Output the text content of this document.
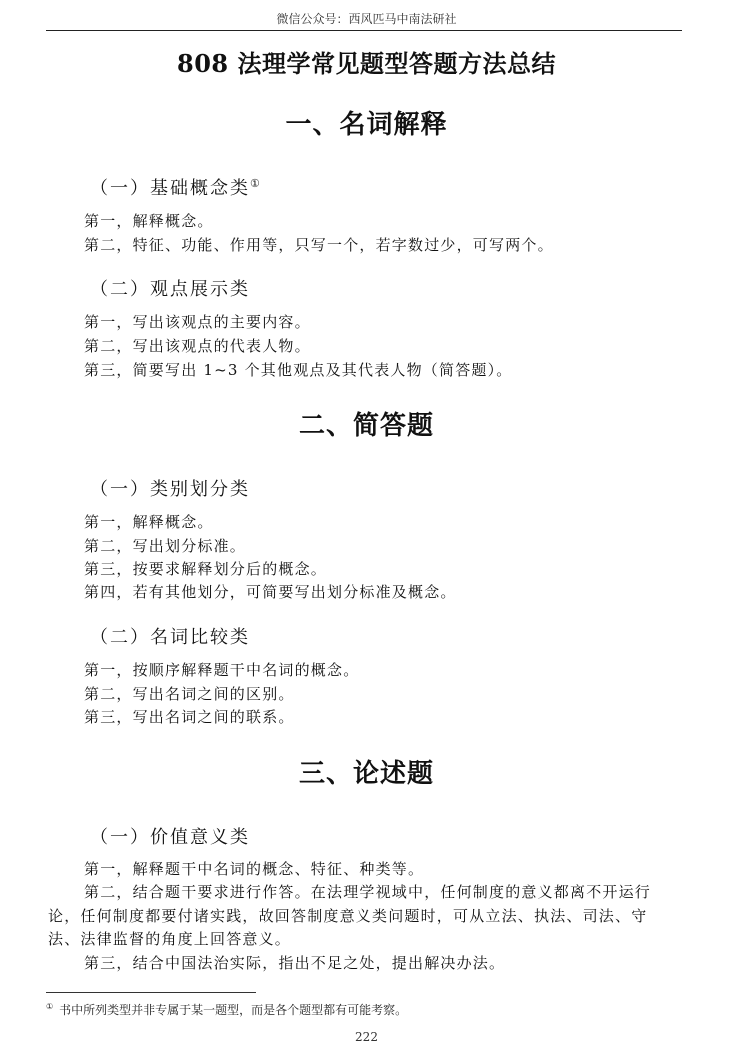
微信公众号：西风匹马中南法研社
808 法理学常见题型答题方法总结
一、名词解释
（一）基础概念类①
第一，解释概念。
第二，特征、功能、作用等，只写一个，若字数过少，可写两个。
（二）观点展示类
第一，写出该观点的主要内容。
第二，写出该观点的代表人物。
第三，简要写出 1~3 个其他观点及其代表人物（简答题）。
二、简答题
（一）类别划分类
第一，解释概念。
第二，写出划分标准。
第三，按要求解释划分后的概念。
第四，若有其他划分，可简要写出划分标准及概念。
（二）名词比较类
第一，按顺序解释题干中名词的概念。
第二，写出名词之间的区别。
第三，写出名词之间的联系。
三、论述题
（一）价值意义类

第一，解释题干中名词的概念、特征、种类等。

第二，结合题干要求进行作答。在法理学视域中，任何制度的意义都离不开运行论，任何制度都要付诸实践，故回答制度意义类问题时，可从立法、执法、司法、守法、法律监督的角度上回答意义。

第三，结合中国法治实际，指出不足之处，提出解决办法。

① 书中所列类型并非专属于某一题型，而是各个题型都有可能考察。
222
